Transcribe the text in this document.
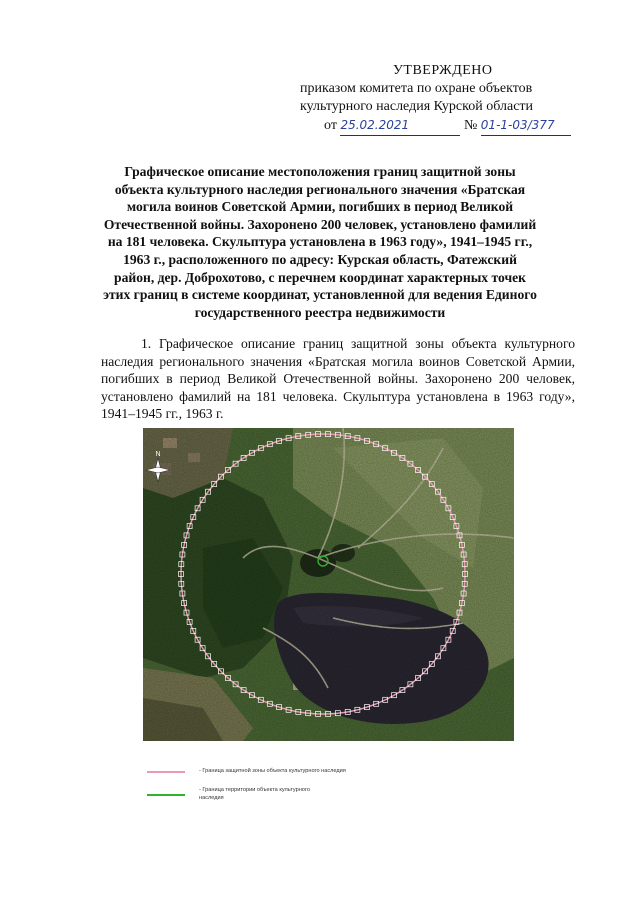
УТВЕРЖДЕНО
приказом комитета по охране объектов
культурного наследия Курской области
от 25.02.2021	№ 01-1-03/377
Графическое описание местоположения границ защитной зоны
объекта культурного наследия регионального значения «Братская
могила воинов Советской Армии, погибших в период Великой
Отечественной войны. Захоронено 200 человек, установлено фамилий
на 181 человека. Скульптура установлена в 1963 году», 1941–1945 гг.,
1963 г., расположенного по адресу: Курская область, Фатежский
район, дер. Доброхотово, с перечнем координат характерных точек
этих границ в системе координат, установленной для ведения Единого
государственного реестра недвижимости

1. Графическое описание границ защитной зоны объекта культурного наследия регионального значения «Братская могила воинов Советской Армии, погибших в период Великой Отечественной войны. Захоронено 200 человек, установлено фамилий на 181 человека. Скульптура установлена в 1963 году», 1941–1945 гг., 1963 г.

N
- Граница защитной зоны объекта культурного наследия
- Граница территории объекта культурного
наследия
